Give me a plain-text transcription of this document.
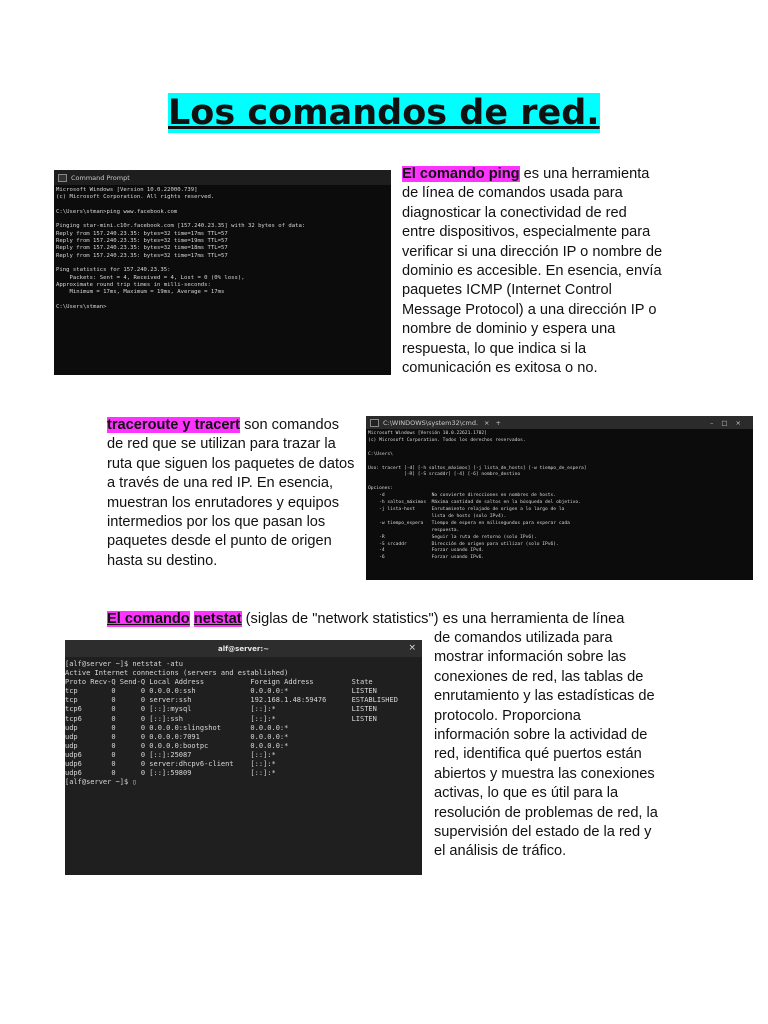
Los comandos de red.
Command Prompt
Microsoft Windows [Version 10.0.22000.739]
(c) Microsoft Corporation. All rights reserved.

C:\Users\stman>ping www.facebook.com

Pinging star-mini.c10r.facebook.com [157.240.23.35] with 32 bytes of data:
Reply from 157.240.23.35: bytes=32 time=17ms TTL=57
Reply from 157.240.23.35: bytes=32 time=19ms TTL=57
Reply from 157.240.23.35: bytes=32 time=18ms TTL=57
Reply from 157.240.23.35: bytes=32 time=17ms TTL=57

Ping statistics for 157.240.23.35:
Packets: Sent = 4, Received = 4, Lost = 0 (0% loss),
Approximate round trip times in milli-seconds:
Minimum = 17ms, Maximum = 19ms, Average = 17ms

C:\Users\stman>

El comando ping es una herramienta de línea de comandos usada para diagnosticar la conectividad de red entre dispositivos, especialmente para verificar si una dirección IP o nombre de dominio es accesible. En esencia, envía paquetes ICMP (Internet Control Message Protocol) a una dirección IP o nombre de dominio y espera una respuesta, lo que indica si la comunicación es exitosa o no.

traceroute y tracert son comandos de red que se utilizan para trazar la ruta que siguen los paquetes de datos a través de una red IP. En esencia, muestran los enrutadores y equipos intermedios por los que pasan los paquetes desde el punto de origen hasta su destino.

C:\WINDOWS\system32\cmd. × +	–□×
Microsoft Windows [Versión 10.0.22621.1702]
(c) Microsoft Corporation. Todos los derechos reservados.

C:\Users\

Uso: tracert [-d] [-h saltos_máximos] [-j lista_de_hosts] [-w tiempo_de_espera]
[-R] [-S srcaddr] [-4] [-6] nombre_destino

Opciones:
-d                 No convierte direcciones en nombres de hosts.
-h saltos_máximos  Máxima cantidad de saltos en la búsqueda del objetivo.
-j lista-host      Enrutamiento relajado de origen a lo largo de la
lista de hosts (solo IPv4).
-w tiempo_espera   Tiempo de espera en milisegundos para esperar cada
respuesta.
-R                 Seguir la ruta de retorno (solo IPv6).
-S srcaddr         Dirección de origen para utilizar (solo IPv6).
-4                 Forzar usando IPv4.
-6                 Forzar usando IPv6.
El comando netstat (siglas de "network statistics") es una herramienta de línea
alf@server:~	×
[alf@server ~]$ netstat -atu
Active Internet connections (servers and established)
Proto Recv-Q Send-Q Local Address           Foreign Address         State
tcp        0      0 0.0.0.0:ssh             0.0.0.0:*               LISTEN
tcp        0      0 server:ssh              192.168.1.48:59476      ESTABLISHED
tcp6       0      0 [::]:mysql              [::]:*                  LISTEN
tcp6       0      0 [::]:ssh                [::]:*                  LISTEN
udp        0      0 0.0.0.0:slingshot       0.0.0.0:*
udp        0      0 0.0.0.0:7091            0.0.0.0:*
udp        0      0 0.0.0.0:bootpc          0.0.0.0:*
udp6       0      0 [::]:25087              [::]:*
udp6       0      0 server:dhcpv6-client    [::]:*
udp6       0      0 [::]:59809              [::]:*
[alf@server ~]$ ▯

de comandos utilizada para mostrar información sobre las conexiones de red, las tablas de enrutamiento y las estadísticas de protocolo. Proporciona información sobre la actividad de red, identifica qué puertos están abiertos y muestra las conexiones activas, lo que es útil para la resolución de problemas de red, la supervisión del estado de la red y el análisis de tráfico.
